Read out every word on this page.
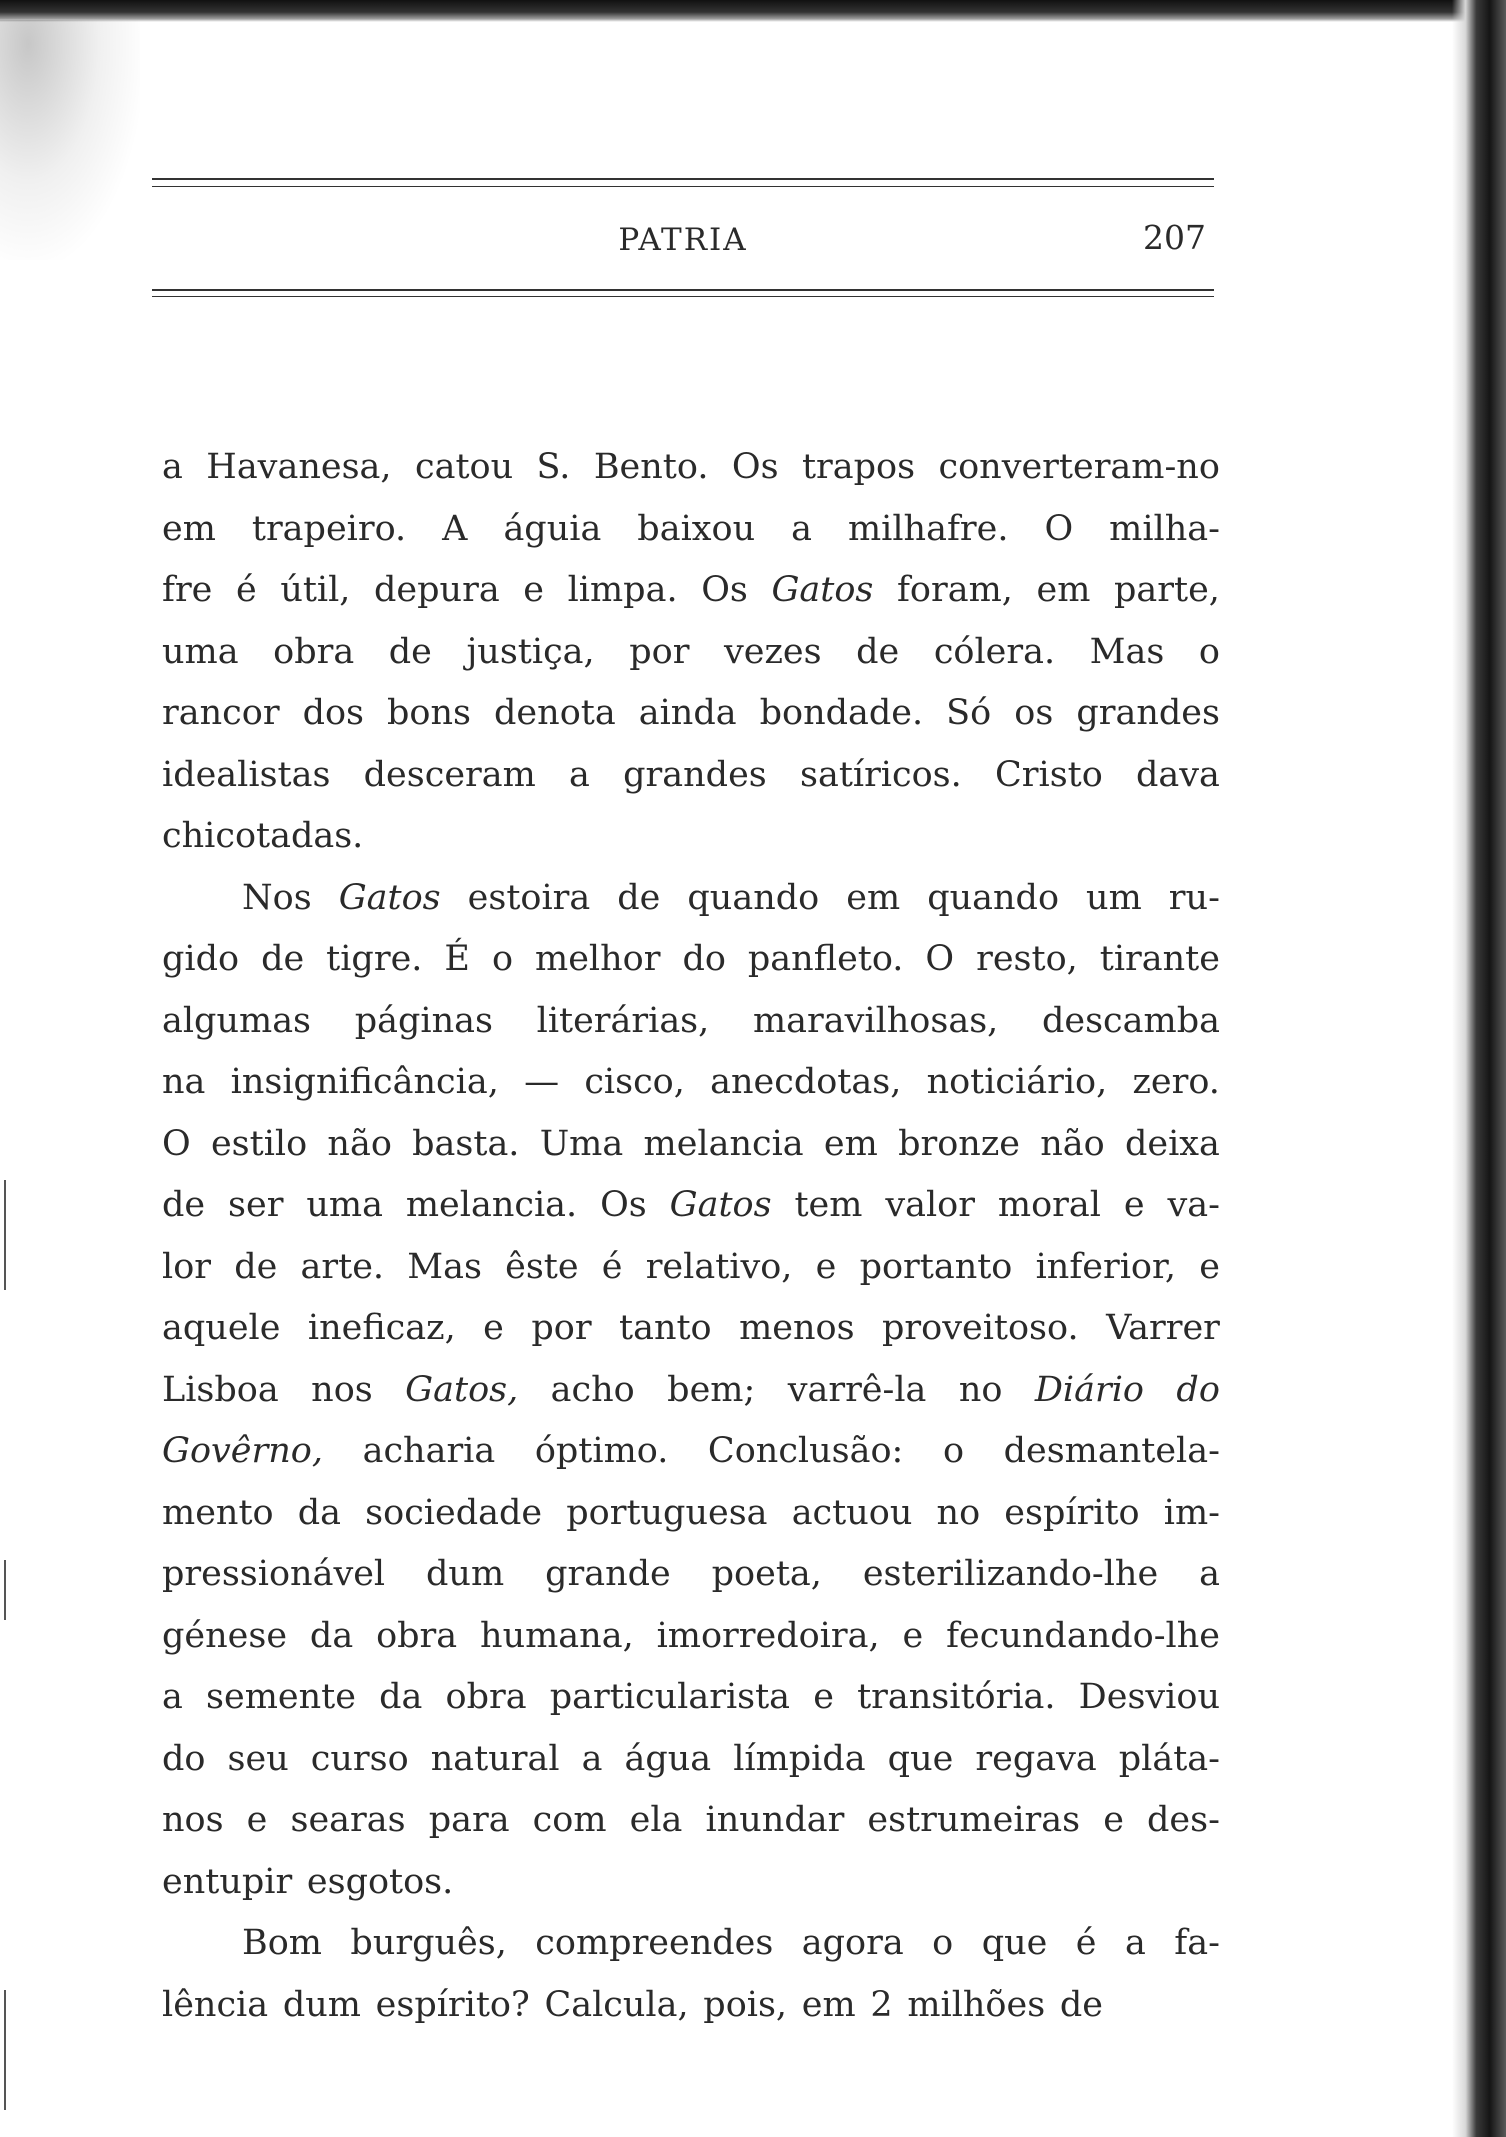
PATRIA	207
a Havanesa, catou S. Bento. Os trapos converteram-no
em trapeiro. A águia baixou a milhafre. O milha-
fre é útil, depura e limpa. Os Gatos foram, em parte,
uma obra de justiça, por vezes de cólera. Mas o
rancor dos bons denota ainda bondade. Só os grandes
idealistas desceram a grandes satíricos. Cristo dava
chicotadas.
Nos Gatos estoira de quando em quando um ru-
gido de tigre. É o melhor do panfleto. O resto, tirante
algumas páginas literárias, maravilhosas, descamba
na insignificância, — cisco, anecdotas, noticiário, zero.
O estilo não basta. Uma melancia em bronze não deixa
de ser uma melancia. Os Gatos tem valor moral e va-
lor de arte. Mas êste é relativo, e portanto inferior, e
aquele ineficaz, e por tanto menos proveitoso. Varrer
Lisboa nos Gatos, acho bem; varrê-la no Diário do
Govêrno, acharia óptimo. Conclusão: o desmantela-
mento da sociedade portuguesa actuou no espírito im-
pressionável dum grande poeta, esterilizando-lhe a
génese da obra humana, imorredoira, e fecundando-lhe
a semente da obra particularista e transitória. Desviou
do seu curso natural a água límpida que regava pláta-
nos e searas para com ela inundar estrumeiras e des-
entupir esgotos.
Bom burguês, compreendes agora o que é a fa-
lência dum espírito? Calcula, pois, em 2 milhões de
